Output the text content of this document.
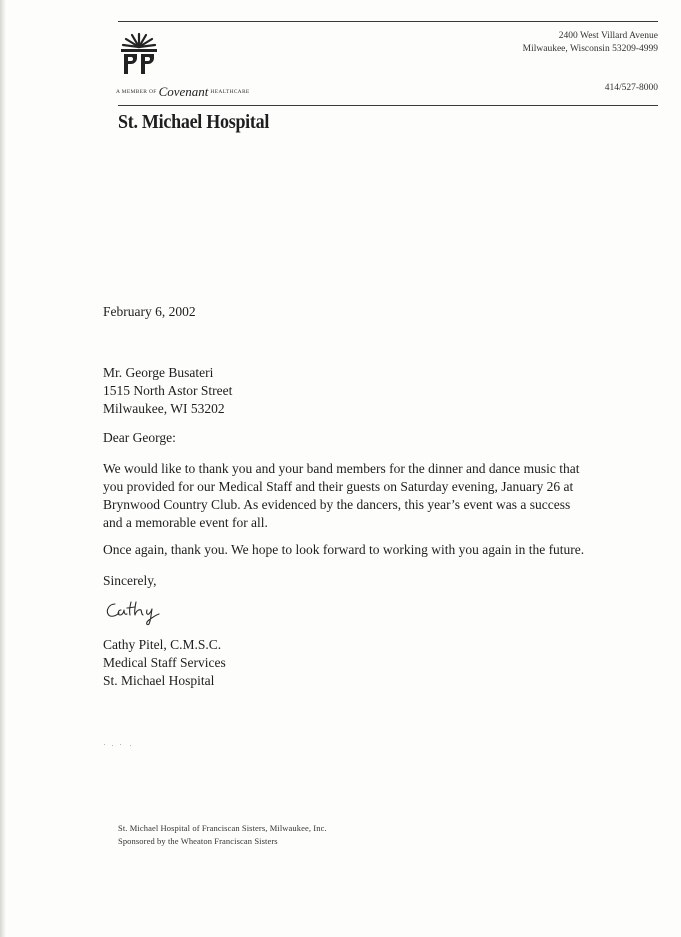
A MEMBER OF Covenant HEALTHCARE
2400 West Villard Avenue
Milwaukee, Wisconsin 53209-4999
414/527-8000
St. Michael Hospital
February 6, 2002
Mr. George Busateri
1515 North Astor Street
Milwaukee, WI 53202
Dear George:
We would like to thank you and your band members for the dinner and dance music that
you provided for our Medical Staff and their guests on Saturday evening, January 26 at
Brynwood Country Club. As evidenced by the dancers, this year’s event was a success
and a memorable event for all.
Once again, thank you. We hope to look forward to working with you again in the future.
Sincerely,
Cathy Pitel, C.M.S.C.
Medical Staff Services
St. Michael Hospital
St. Michael Hospital of Franciscan Sisters, Milwaukee, Inc.
Sponsored by the Wheaton Franciscan Sisters
